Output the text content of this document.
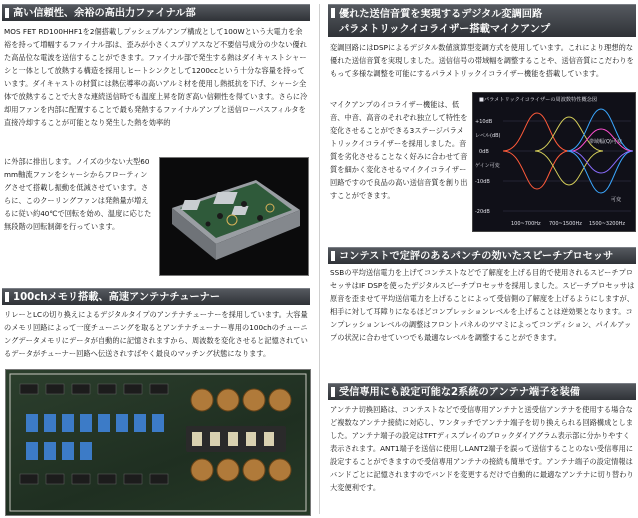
高い信頼性、余裕の高出力ファイナル部
MOS FET RD100HHF1を2個搭載しプッシュプルアンプ構成として100Wという大電力を余裕を持って増幅するファイナル部は、歪みが小さくスプリアスなど不要信号成分の少ない優れた高品位な電波を送信することができます。ファイナル部で発生する熱はダイキャストシャーシと一体として放熱する構造を採用しヒートシンクとして1200ccという十分な容量を持っています。ダイキャストの材質には熱伝導率の高いアルミ材を使用し熱抵抗を下げ、シャーシ全体で放熱することで大きな連続送信時でも温度上昇を防ぎ高い信頼性を得ています。さらに冷却用ファンを内部に配置することで最も発熱するファイナルアンプと送信ローパスフィルタを直接冷却することが可能となり発生した熱を効率的
に外部に排出します。ノイズの少ない大型60mm軸流ファンをシャーシからフローティングさせて搭載し振動を低減させています。さらに、このクーリングファンは発熱量が増えるに従い約40℃で回転を始め、温度に応じた無段階の回転制御を行っています。
100chメモリ搭載、高速アンテナチューナー
リレーとLCの切り換えによるデジタルタイプのアンテナチューナーを採用しています。大容量のメモリ回路によって一度チューニングを取るとアンテナチューナー専用の100chのチューニングデータメモリにデータが自動的に記憶されますから、周波数を変化させると記憶されているデータがチューナー回路へ伝送されすばやく最良のマッチング状態になります。
優れた送信音質を実現するデジタル変調回路
パラメトリックイコライザー搭載マイクアンプ
変調回路にはDSPによるデジタル数値演算型変調方式を使用しています。これにより理想的な優れた送信音質を実現しました。送信信号の帯域幅を調整することや、送信音質にこだわりをもって多様な調整を可能にするパラメトリックイコライザー機能を搭載しています。
マイクアンプのイコライザー機能は、低音、中音、高音のそれぞれ独立して特性を変化させることができる3ステージパラメトリックイコライザーを採用しました。音質を劣化させることなく好みに合わせて音質を細かく変化させるマイクイコライザー回路ですので良品の高い送信音質を創り出すことができます。
■パラメトリックイコライザーの周波数特性概念図
+10dB
0dB
-10dB
-20dB
レベル(dB)
ゲイン可変
帯域幅(Q)可変
可変
100~700Hz 700~1500Hz 1500~3200Hz
コンテストで定評のあるパンチの効いたスピーチプロセッサ
SSBの平均送信電力を上げてコンテストなどで了解度を上げる目的で使用されるスピーチプロセッサはIF DSPを使ったデジタルスピーチプロセッサを採用しました。スピーチプロセッサは原音を歪ませて平均送信電力を上げることによって受信側の了解度を上げるようにしますが、相手に対して耳障りになるほどコンプレッションレベルを上げることは逆効果となります。コンプレッションレベルの調整はフロントパネルのツマミによってコンディション、パイルアップの状況に合わせていつでも最適なレベルを調整することができます。
受信専用にも設定可能な2系統のアンテナ端子を装備
アンテナ切換回路は、コンテストなどで受信専用アンテナと送受信アンテナを使用する場合など複数なアンテナ接続に対応し、ワンタッチでアンテナ端子を切り換えられる回路構成としました。アンテナ端子の設定はTFTディスプレイのブロックダイアグラム表示部に分かりやすく表示されます。ANT1端子を送信に使用しLANT2端子を誤って送信することのない受信専用に設定することができますので受信専用アンテナの接続も簡単です。アンテナ端子の設定情報はバンドごとに記憶されますのでバンドを変更するだけで自動的に最適なアンテナに切り替わり大変便利です。
